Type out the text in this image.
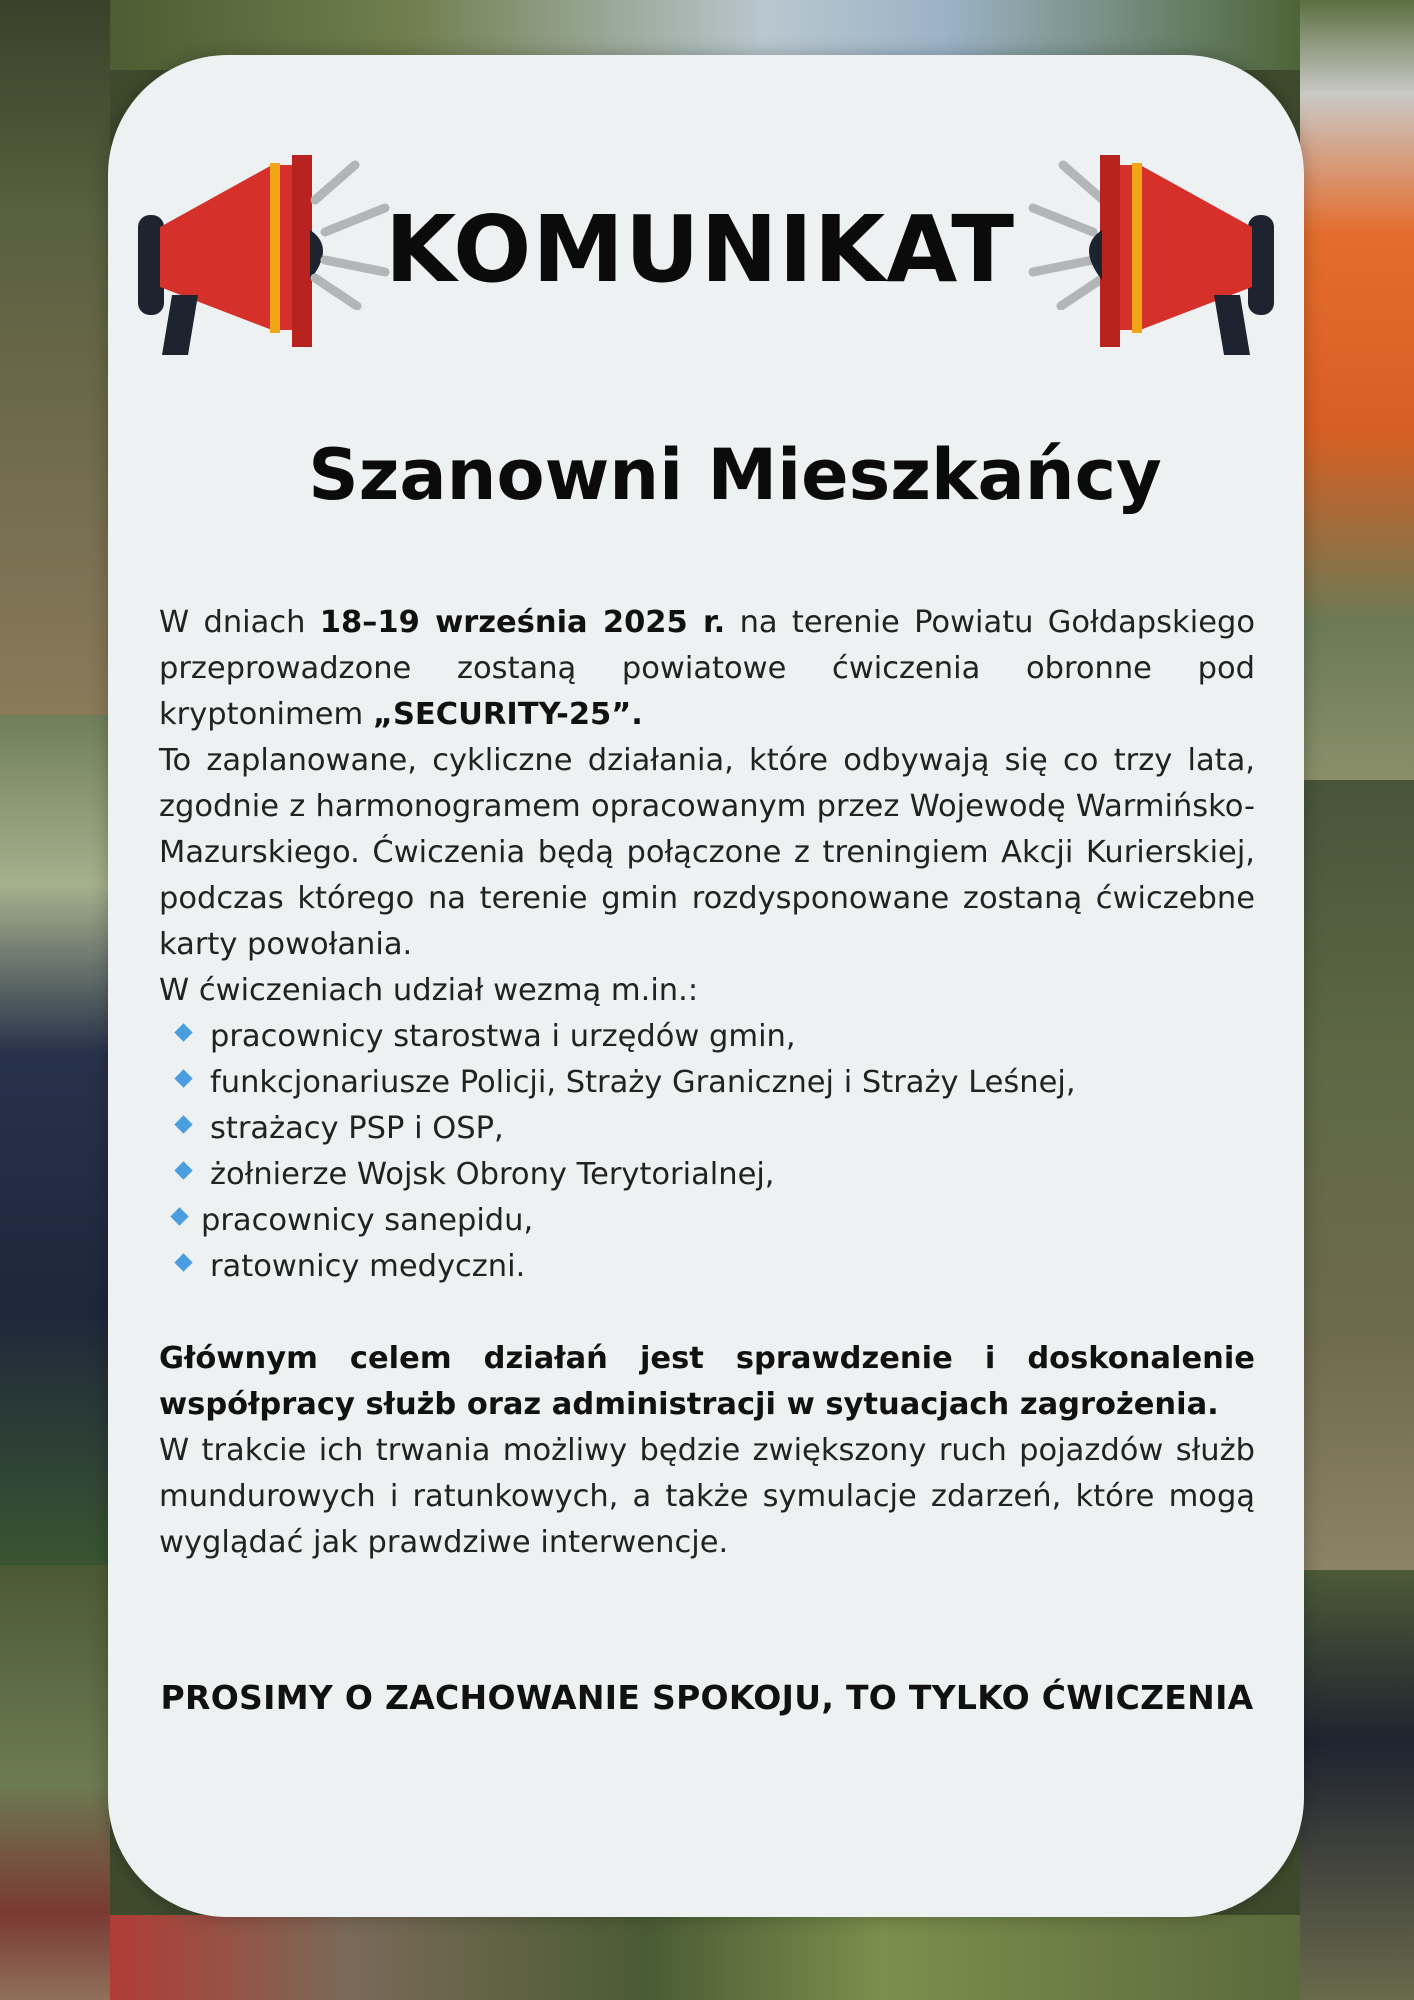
KOMUNIKAT
Szanowni Mieszkańcy

W dniach 18–19 września 2025 r. na terenie Powiatu Gołdapskiego przeprowadzone zostaną powiatowe ćwiczenia obronne pod kryptonimem „SECURITY-25”.

To zaplanowane, cykliczne działania, które odbywają się co trzy lata, zgodnie z harmonogramem opracowanym przez Wojewodę Warmińsko-Mazurskiego. Ćwiczenia będą połączone z treningiem Akcji Kurierskiej, podczas którego na terenie gmin rozdysponowane zostaną ćwiczebne karty powołania.

W ćwiczeniach udział wezmą m.in.:

pracownicy starostwa i urzędów gmin,
funkcjonariusze Policji, Straży Granicznej i Straży Leśnej,
strażacy PSP i OSP,
żołnierze Wojsk Obrony Terytorialnej,
pracownicy sanepidu,
ratownicy medyczni.

Głównym celem działań jest sprawdzenie i doskonalenie

współpracy służb oraz administracji w sytuacjach zagrożenia.

W trakcie ich trwania możliwy będzie zwiększony ruch pojazdów służb mundurowych i ratunkowych, a także symulacje zdarzeń, które mogą wyglądać jak prawdziwe interwencje.

PROSIMY O ZACHOWANIE SPOKOJU, TO TYLKO ĆWICZENIA
